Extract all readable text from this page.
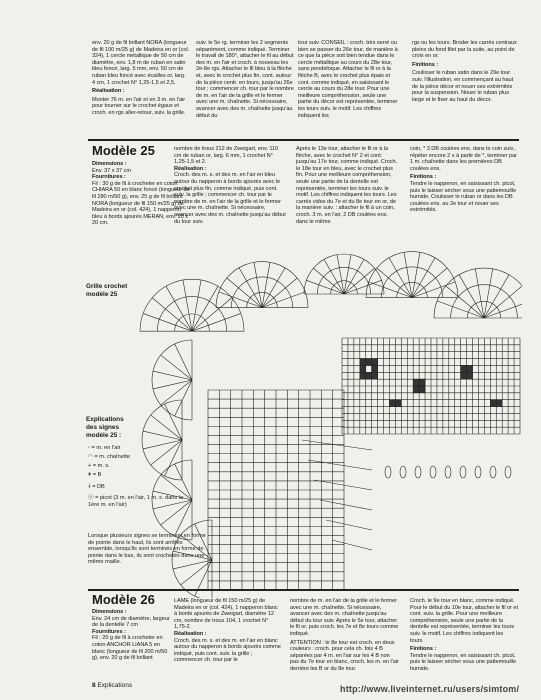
env. 20 g de fil brillant NORA (longueur de fil 100 m/25 g) de Madeira en or (col. 324), 1 cercle métallique de 50 cm de diamètre, env. 1,8 m de ruban en satin bleu foncé, larg. 5 mm, env. 50 cm de ruban bleu foncé avec écailles or, larg. 4 cm, 1 crochet N° 1,25-1,5 et 2,5.

Réalisation :

Monter 76 m. en l'air et en 3 m. en l'air pour tourner sur le crochet égaux et croch. en rgs aller-retour, suiv. la grille.

suiv. le 5e rg. terminer les 2 segments séparément, comme indiqué. Terminer le travail de 180°, attacher le fil au début des m. en l'air et croch. à nouveau les 2e-8e rgs. Attacher le fil bleu à la flèche et, avec le crochet plus fin, cont. autour de la pièce centr. en tours, jusqu'au 26e tour ; commencer ch. tour par le nombre de m. en l'air de la grille et le fermer avec une m. chaînette. Si nécessaire, avancer avec des m. chaînette jusqu'au début du

tour suiv. CONSEIL : croch. très serré ou bien se passer du 26e tour, de manière à ce que la pièce soit bien tendue dans le cercle métallique au cours du 28e tour, sans pendeloque. Attacher le fil or à la flèche B, avec le crochet plus épais et cont. comme indiqué, en saisissant le cercle au cours du 28e tour. Pour une meilleure compréhension, seule une partie du décor est représentée, terminer les tours suiv. le motif. Les chiffres indiquent les

rgs ou les tours. Broder les carrés centraux pleins du fond filet par la suite, au point de croix en or.

Finitions :

Coulisser le ruban satin dans le 29e tour suiv. l'illustration, en commençant au haut de la pièce décor et nouer ses extrémités pour la suspension. Nouer le ruban plus large et le fixer au haut du décor.

Modèle 25

Dimensions :

Env. 37 x 37 cm

Fournitures :

Fil : 30 g de fil à crocheter en coton CHIARA 50 en blanc foncé (longueur de fil 280 m/50 g), env. 25 g de fil brillant NORA (longueur de fil 150 m/25 g) de Madeira en or (col. 424), 1 napperon bleu à bords ajourés MERAN, env. 20 x 20 cm.

nombre de trous 212 de Zweigart, env. 110 cm de ruban or, larg. 6 mm, 1 crochet N° 1,25-1,5 et 2.

Réalisation :

Croch. des m. s. et des m. en l'air en bleu autour du napperon à bords ajourés avec le crochet plus fin, comme indiqué, puis cont. suiv. la grille ; commencer ch. tour par le nombre de m. en l'air de la grille et le fermer avec une m. chaînette. Si nécessaire, avancer avec des m. chaînette jusqu'au début du tour suiv.

Après le 13e tour, attacher le fil or à la flèche, avec le crochet N° 2 et cont. jusqu'au 17e tour, comme indiqué. Croch. le 18e tour en bleu, avec le crochet plus fin. Pour une meilleure compréhension, seule une partie de la dentelle est représentée, terminer les tours suiv. le motif. Les chiffres indiquent les tours. Les carrés vides du 7e et du 8e tour en or, de la manière suiv. : attacher le fil à un coin, croch. 3 m. en l'air, 2 DB coulées ens. dans le même

coin, * 3 DB coulées ens. dans le coin suiv., répéter encore 2 x à partir de *, terminer par 1 m. chaînette dans les premières DB coulées ens.

Finitions :

Tendre le napperon, en saisissant ch. picot, puis le laisser sécher sous une pattemouille humide. Coulisser le ruban or dans les DB coulées ens. au 2e tour et nouer ses extrémités.

Grille crochet
modèle 25
Explications
des signes
modèle 25 :
◦ = m. en l'air
◠ = m. chaînette
+ = m. s.
ǂ = B
⸸ = DB
ⓞ = picot (3 m. en l'air, 1 m. s. dans la 1ère m. en l'air)
Lorsque plusieurs signes se terminent en forme de pointe dans le haut, ils sont arrêtés ensemble, lorsqu'ils sont terminés en forme de pointe dans le bas, ils sont crochetés dans une même maille.
Modèle 26

Dimensions :

Env. 24 cm de diamètre, largeur de la dentelle 7 cm

Fournitures :

Fil : 20 g de fil à crocheter en coton ANCHOR LIANA 5 en blanc (longueur de fil 200 m/50 g), env. 20 g de fil brillant

LAME (longueur de fil 150 m/25 g) de Madeira en or (col. 424), 1 napperon blanc à bords ajourés de Zweigart, diamètre 12 cm, nombre de trous 104, 1 crochet N° 1,75-2.

Réalisation :

Croch. des m. s. et des m. en l'air en blanc autour du napperon à bords ajourés comme indiqué, puis cont. suiv. la grille ; commencer ch. tour par le

nombre de m. en l'air de la grille et le fermer avec une m. chaînette. Si nécessaire, avancer avec des m. chaînette jusqu'au début du tour suiv. Après le 5e tour, attacher le fil or, puis croch. les 7e et 8e tours comme indiqué.

ATTENTION : le 8e tour est croch. en deux couleurs : croch. pour cela ch. fois 4 B séparées par 4 m. en l'air sur les 4 B non pas du 7e tour en blanc, croch. les m. en l'air derrière les B or du 8e tour.

Croch. le 9e tour en blanc, comme indiqué. Pour le début du 10e tour, attacher le fil or et cont. suiv. la grille. Pour une meilleure compréhension, seule une partie de la dentelle est représentée, terminer les tours suiv. le motif. Les chiffres indiquent les tours.

Finitions :

Tendre le napperon, en saisissant ch. picot, puis le laisser sécher sous une pattemouille humide.

8 Explications	http://www.liveinternet.ru/users/simtom/
